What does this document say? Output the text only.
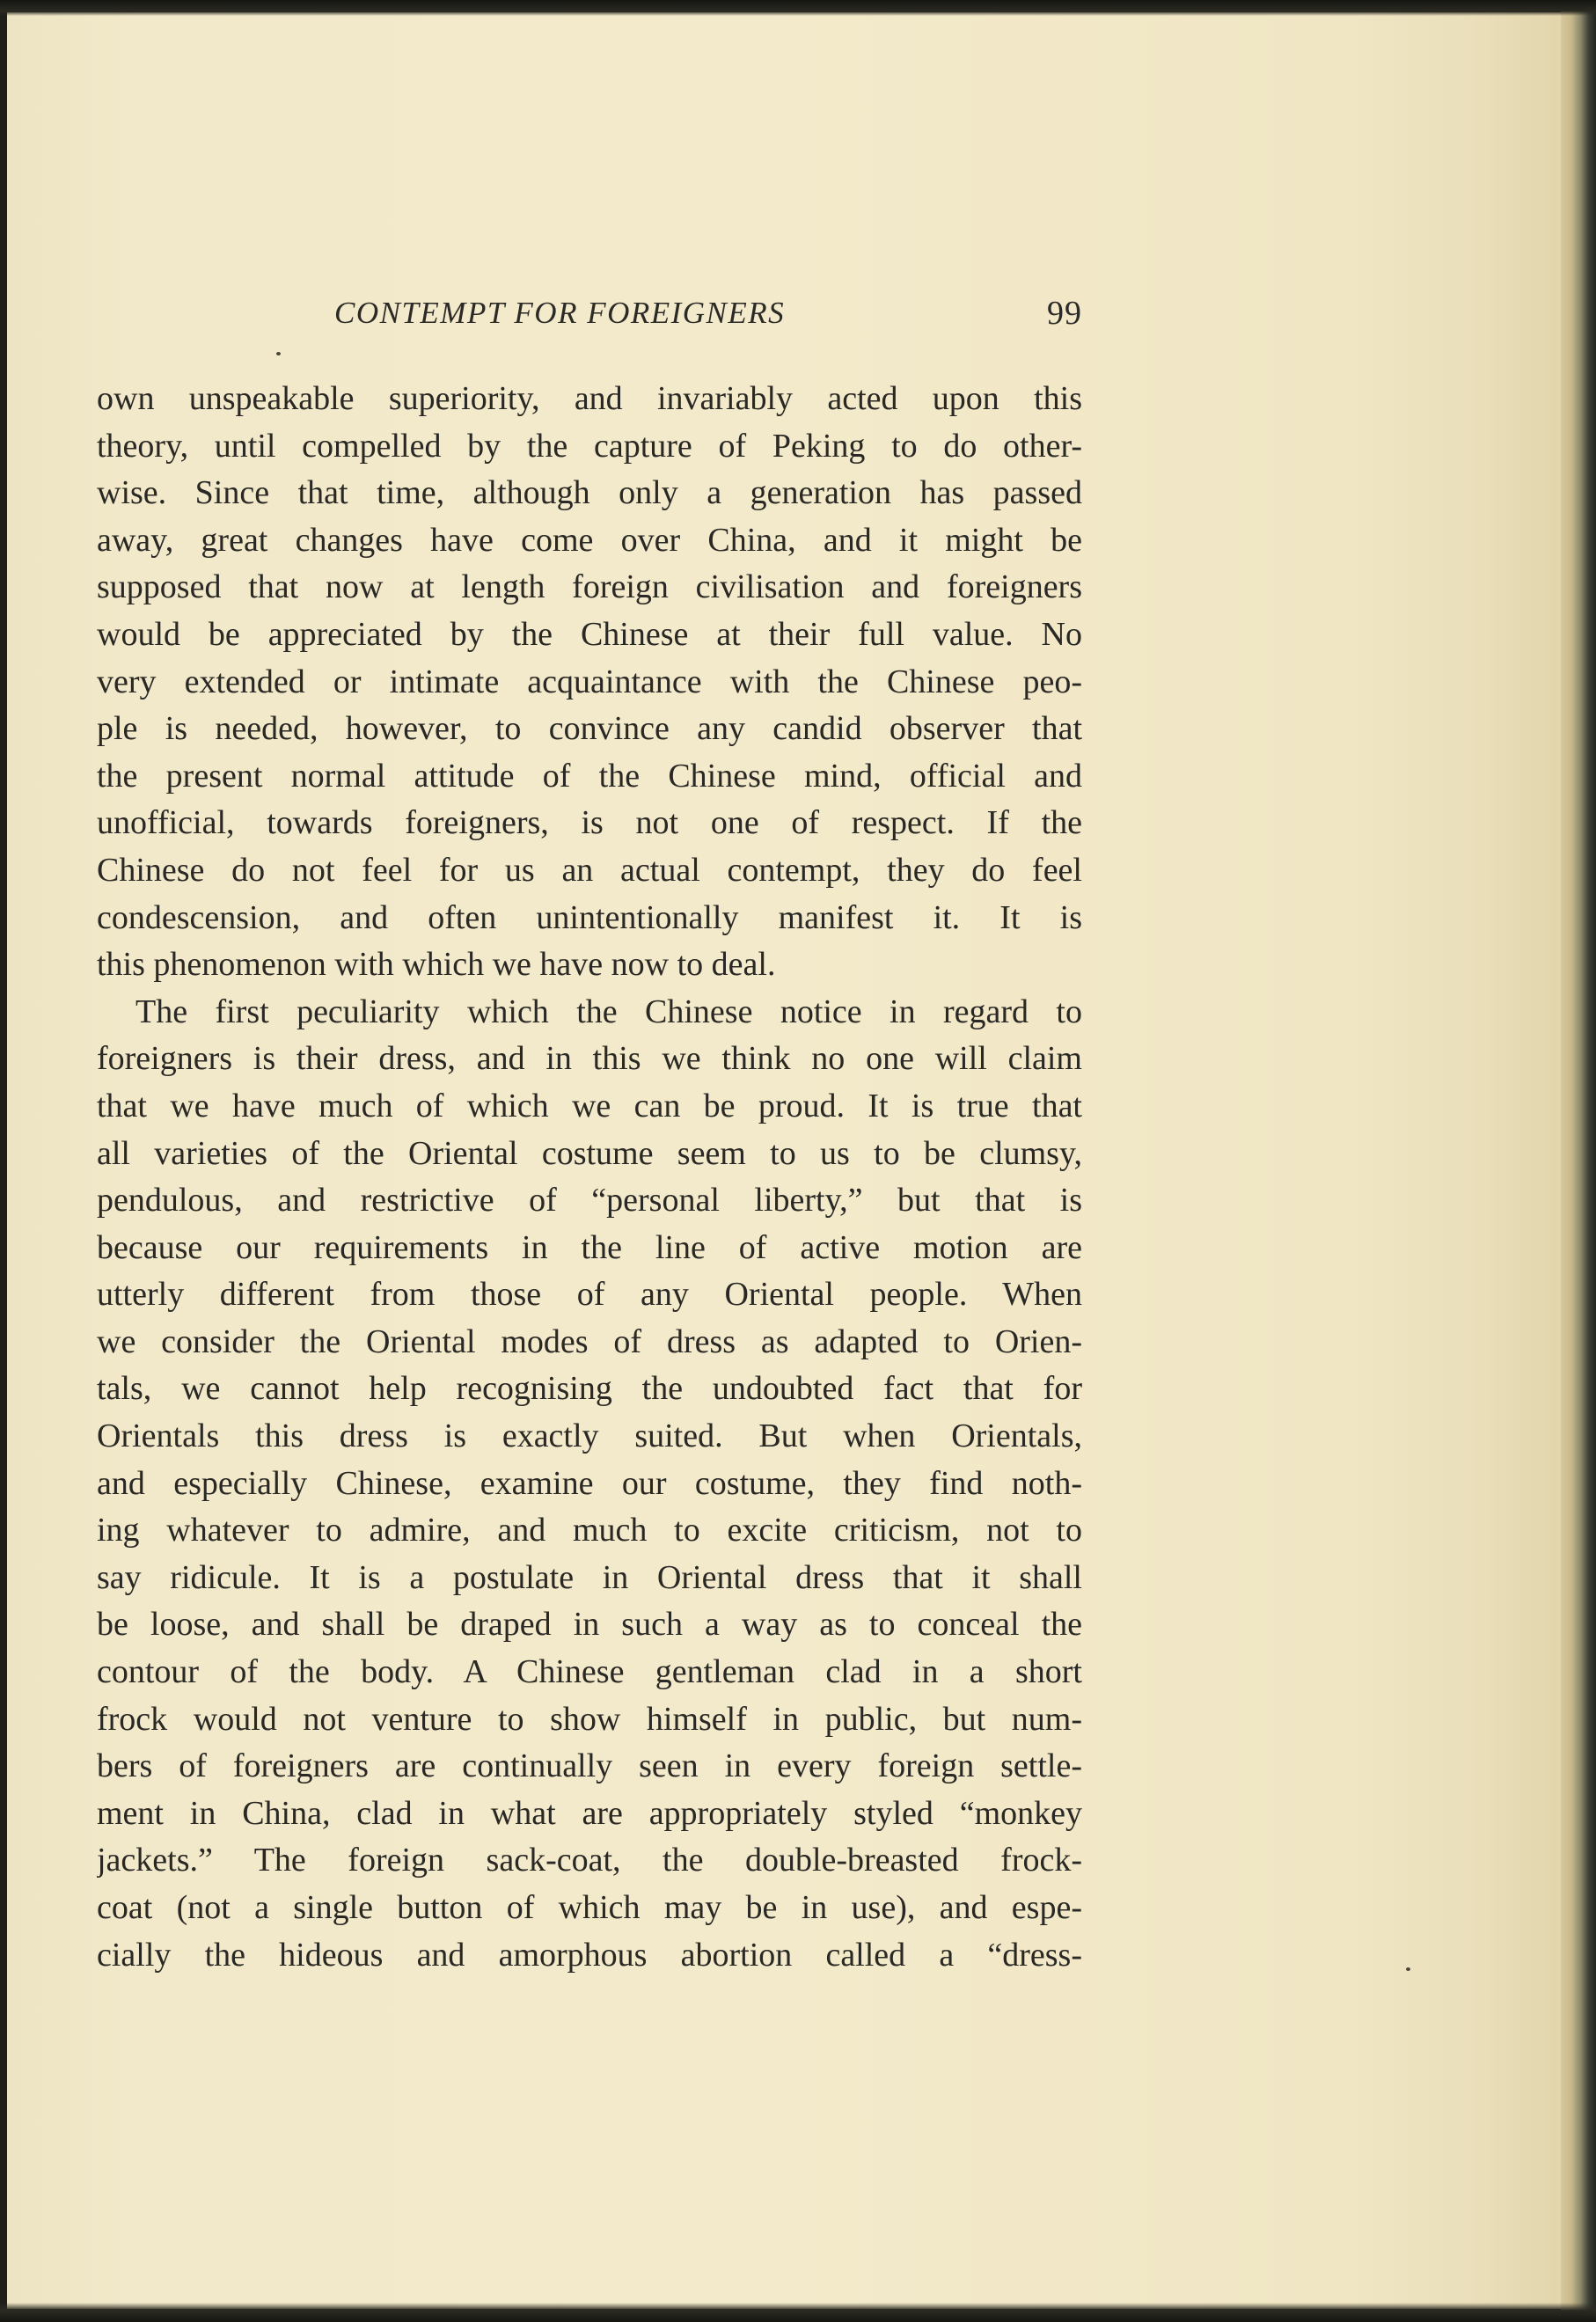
CONTEMPT FOR FOREIGNERS	99
own unspeakable superiority, and invariably acted upon this
theory, until compelled by the capture of Peking to do other-
wise. Since that time, although only a generation has passed
away, great changes have come over China, and it might be
supposed that now at length foreign civilisation and foreigners
would be appreciated by the Chinese at their full value. No
very extended or intimate acquaintance with the Chinese peo-
ple is needed, however, to convince any candid observer that
the present normal attitude of the Chinese mind, official and
unofficial, towards foreigners, is not one of respect. If the
Chinese do not feel for us an actual contempt, they do feel
condescension, and often unintentionally manifest it. It is
this phenomenon with which we have now to deal.
The first peculiarity which the Chinese notice in regard to
foreigners is their dress, and in this we think no one will claim
that we have much of which we can be proud. It is true that
all varieties of the Oriental costume seem to us to be clumsy,
pendulous, and restrictive of “personal liberty,” but that is
because our requirements in the line of active motion are
utterly different from those of any Oriental people. When
we consider the Oriental modes of dress as adapted to Orien-
tals, we cannot help recognising the undoubted fact that for
Orientals this dress is exactly suited. But when Orientals,
and especially Chinese, examine our costume, they find noth-
ing whatever to admire, and much to excite criticism, not to
say ridicule. It is a postulate in Oriental dress that it shall
be loose, and shall be draped in such a way as to conceal the
contour of the body. A Chinese gentleman clad in a short
frock would not venture to show himself in public, but num-
bers of foreigners are continually seen in every foreign settle-
ment in China, clad in what are appropriately styled “monkey
jackets.” The foreign sack-coat, the double-breasted frock-
coat (not a single button of which may be in use), and espe-
cially the hideous and amorphous abortion called a “dress-
